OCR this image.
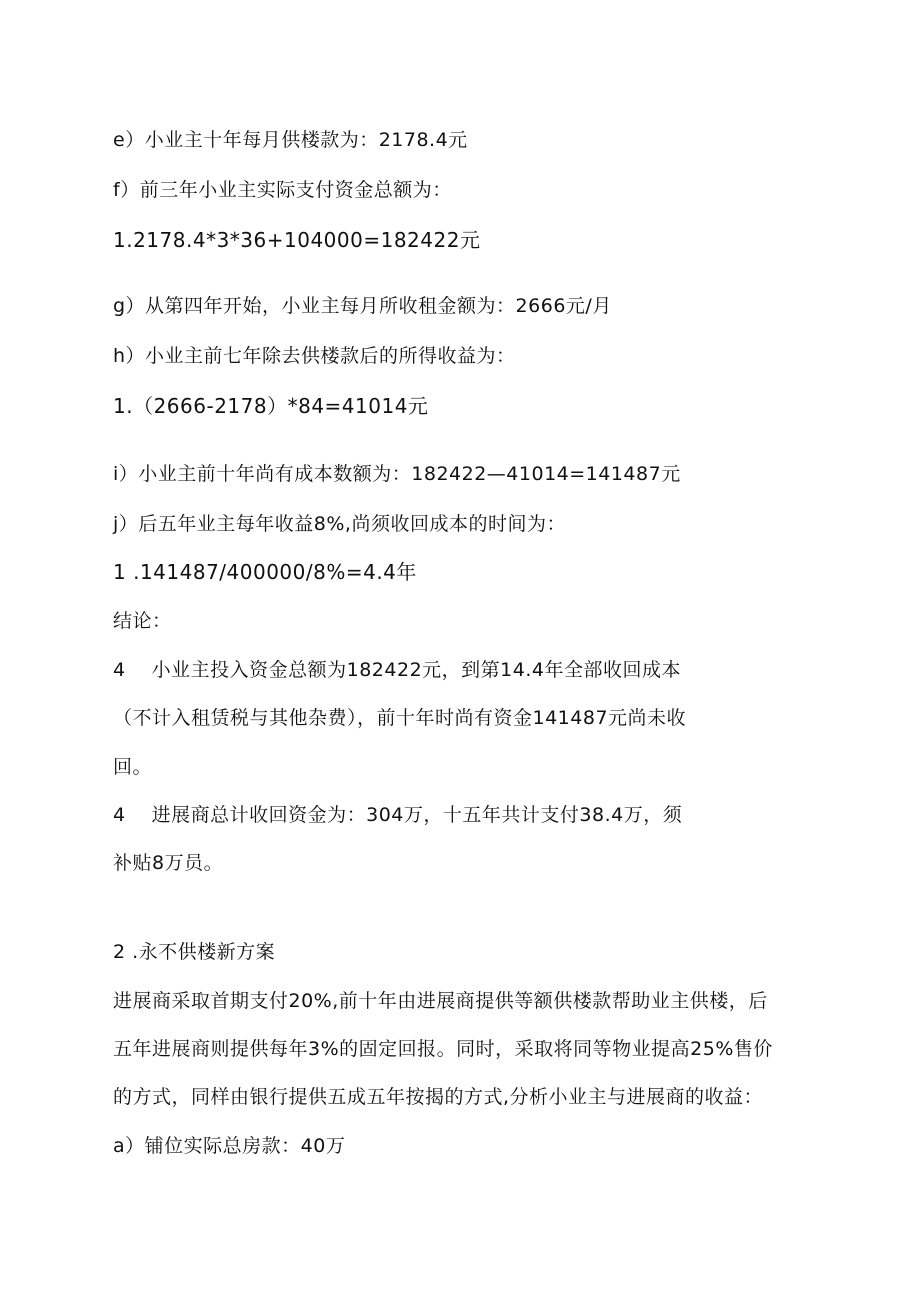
e）小业主十年每月供楼款为：2178.4元
f）前三年小业主实际支付资金总额为：
1.2178.4*3*36+104000=182422元
g）从第四年开始，小业主每月所收租金额为：2666元/月
h）小业主前七年除去供楼款后的所得收益为：
1.（2666-2178）*84=41014元
i）小业主前十年尚有成本数额为：182422—41014=141487元
j）后五年业主每年收益8%,尚须收回成本的时间为：
1 .141487/400000/8%=4.4年
结论：
4　 小业主投入资金总额为182422元，到第14.4年全部收回成本
（不计入租赁税与其他杂费），前十年时尚有资金141487元尚未收
回。
4　 进展商总计收回资金为：304万，十五年共计支付38.4万，须
补贴8万员。
2 .永不供楼新方案
进展商采取首期支付20%,前十年由进展商提供等额供楼款帮助业主供楼，后
五年进展商则提供每年3%的固定回报。同时，采取将同等物业提高25%售价
的方式，同样由银行提供五成五年按揭的方式,分析小业主与进展商的收益：
a）铺位实际总房款：40万
